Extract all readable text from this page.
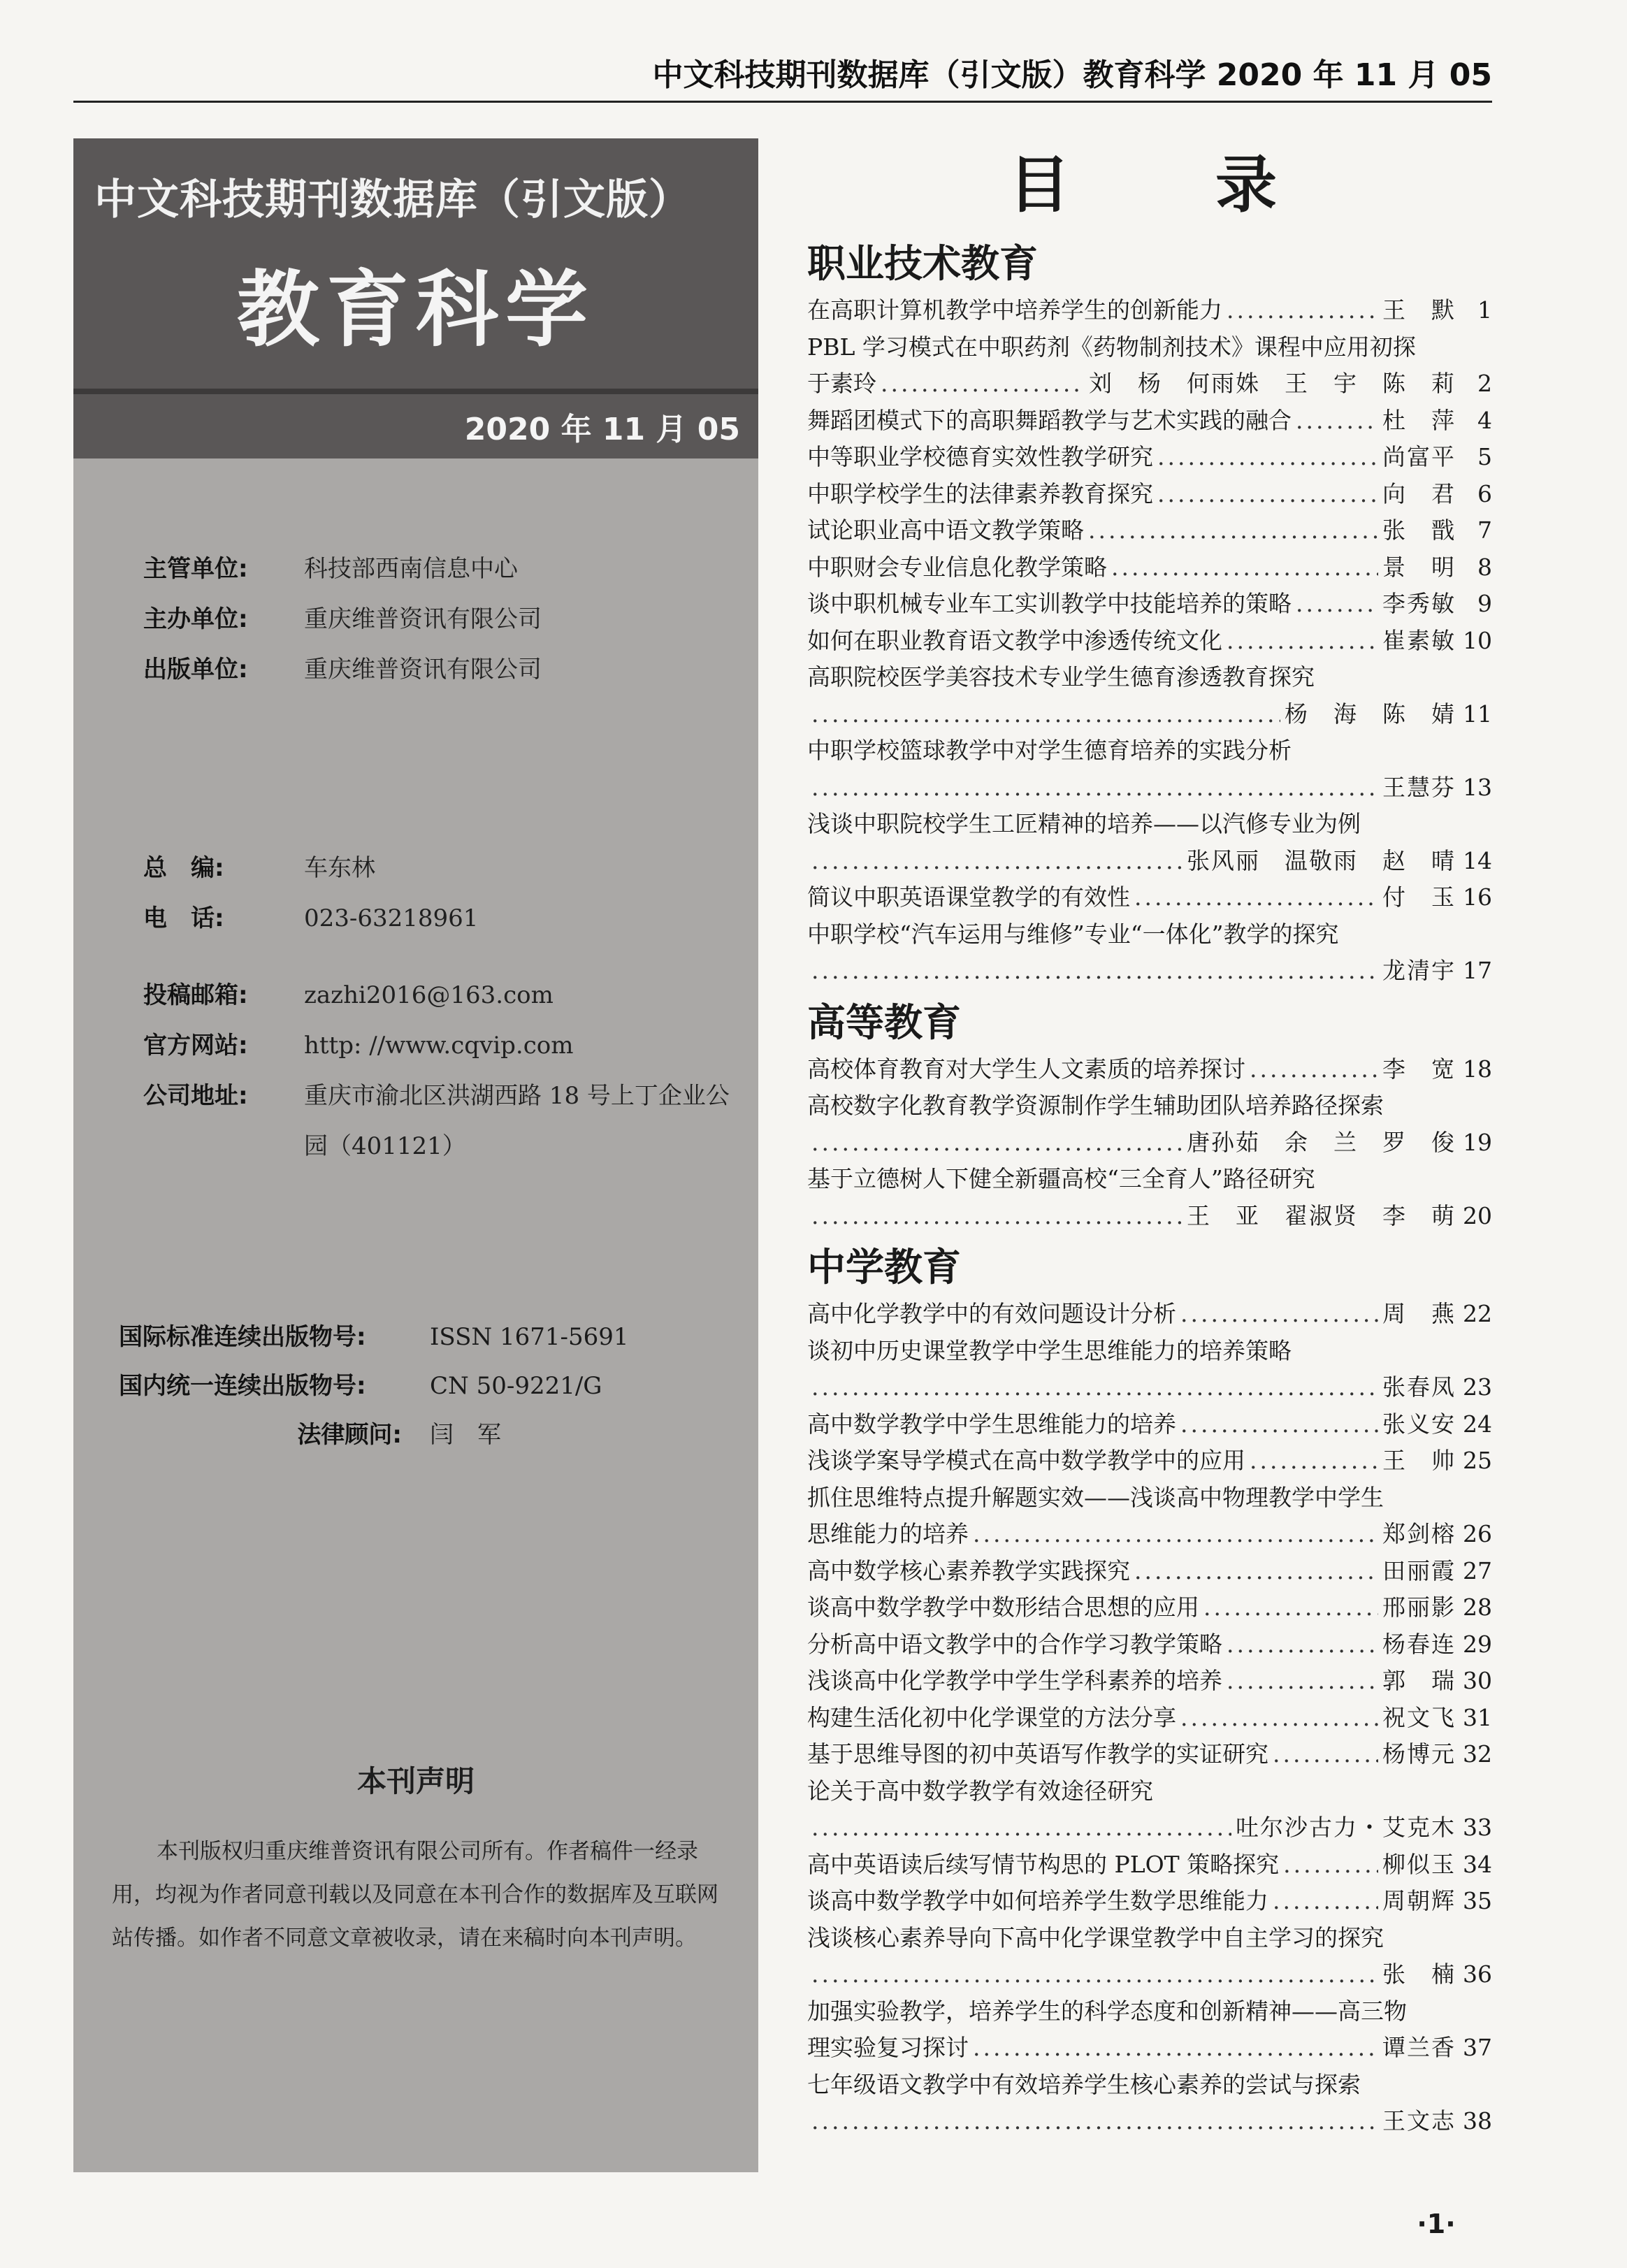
中文科技期刊数据库（引文版）教育科学 2020 年 11 月 05
中文科技期刊数据库（引文版）
教育科学
2020 年 11 月 05
主管单位:	科技部西南信息中心
主办单位:	重庆维普资讯有限公司
出版单位:	重庆维普资讯有限公司
总　编:	车东林
电　话:	023-63218961
投稿邮箱:	zazhi2016@163.com
官方网站:	http: //www.cqvip.com
公司地址:	重庆市渝北区洪湖西路 18 号上丁企业公园（401121）
国际标准连续出版物号:	ISSN 1671-5691
国内统一连续出版物号:	CN 50-9221/G
法律顾问:	闫　军
本刊声明
本刊版权归重庆维普资讯有限公司所有。作者稿件一经录用，均视为作者同意刊载以及同意在本刊合作的数据库及互联网站传播。如作者不同意文章被收录，请在来稿时向本刊声明。
目　录
职业技术教育
在高职计算机教学中培养学生的创新能力 .....	王　默 1
PBL 学习模式在中职药剂《药物制剂技术》课程中应用初探
于素玲 .....	刘　杨　何雨姝　王　宇　陈　莉 2
舞蹈团模式下的高职舞蹈教学与艺术实践的融合 .....	杜　萍 4
中等职业学校德育实效性教学研究 .....	尚富平 5
中职学校学生的法律素养教育探究 .....	向　君 6
试论职业高中语文教学策略 .....	张　戬 7
中职财会专业信息化教学策略 .....	景　明 8
谈中职机械专业车工实训教学中技能培养的策略 .....	李秀敏 9
如何在职业教育语文教学中渗透传统文化 .....	崔素敏 10
高职院校医学美容技术专业学生德育渗透教育探究
.....
杨　海　陈　婧 11
中职学校篮球教学中对学生德育培养的实践分析
.....
王慧芬 13
浅谈中职院校学生工匠精神的培养——以汽修专业为例
.....
张风丽　温敬雨　赵　晴 14
简议中职英语课堂教学的有效性 .....	付　玉 16
中职学校“汽车运用与维修”专业“一体化”教学的探究
.....
龙清宇 17
高等教育
高校体育教育对大学生人文素质的培养探讨 .....	李　宽 18
高校数字化教育教学资源制作学生辅助团队培养路径探索
.....
唐孙茹　余　兰　罗　俊 19
基于立德树人下健全新疆高校“三全育人”路径研究
.....
王　亚　翟淑贤　李　萌 20
中学教育
高中化学教学中的有效问题设计分析 .....	周　燕 22
谈初中历史课堂教学中学生思维能力的培养策略
.....
张春凤 23
高中数学教学中学生思维能力的培养 .....	张义安 24
浅谈学案导学模式在高中数学教学中的应用 .....	王　帅 25
抓住思维特点提升解题实效——浅谈高中物理教学中学生
思维能力的培养 .....	郑剑榕 26
高中数学核心素养教学实践探究 .....	田丽霞 27
谈高中数学教学中数形结合思想的应用 .....	邢丽影 28
分析高中语文教学中的合作学习教学策略 .....	杨春连 29
浅谈高中化学教学中学生学科素养的培养 .....	郭　瑞 30
构建生活化初中化学课堂的方法分享 .....	祝文飞 31
基于思维导图的初中英语写作教学的实证研究 .....	杨博元 32
论关于高中数学教学有效途径研究
.....
吐尔沙古力・艾克木 33
高中英语读后续写情节构思的 PLOT 策略探究 .....	柳似玉 34
谈高中数学教学中如何培养学生数学思维能力 .....	周朝辉 35
浅谈核心素养导向下高中化学课堂教学中自主学习的探究
.....
张　楠 36
加强实验教学，培养学生的科学态度和创新精神——高三物
理实验复习探讨 .....	谭兰香 37
七年级语文教学中有效培养学生核心素养的尝试与探索
.....
王文志 38
·1·
